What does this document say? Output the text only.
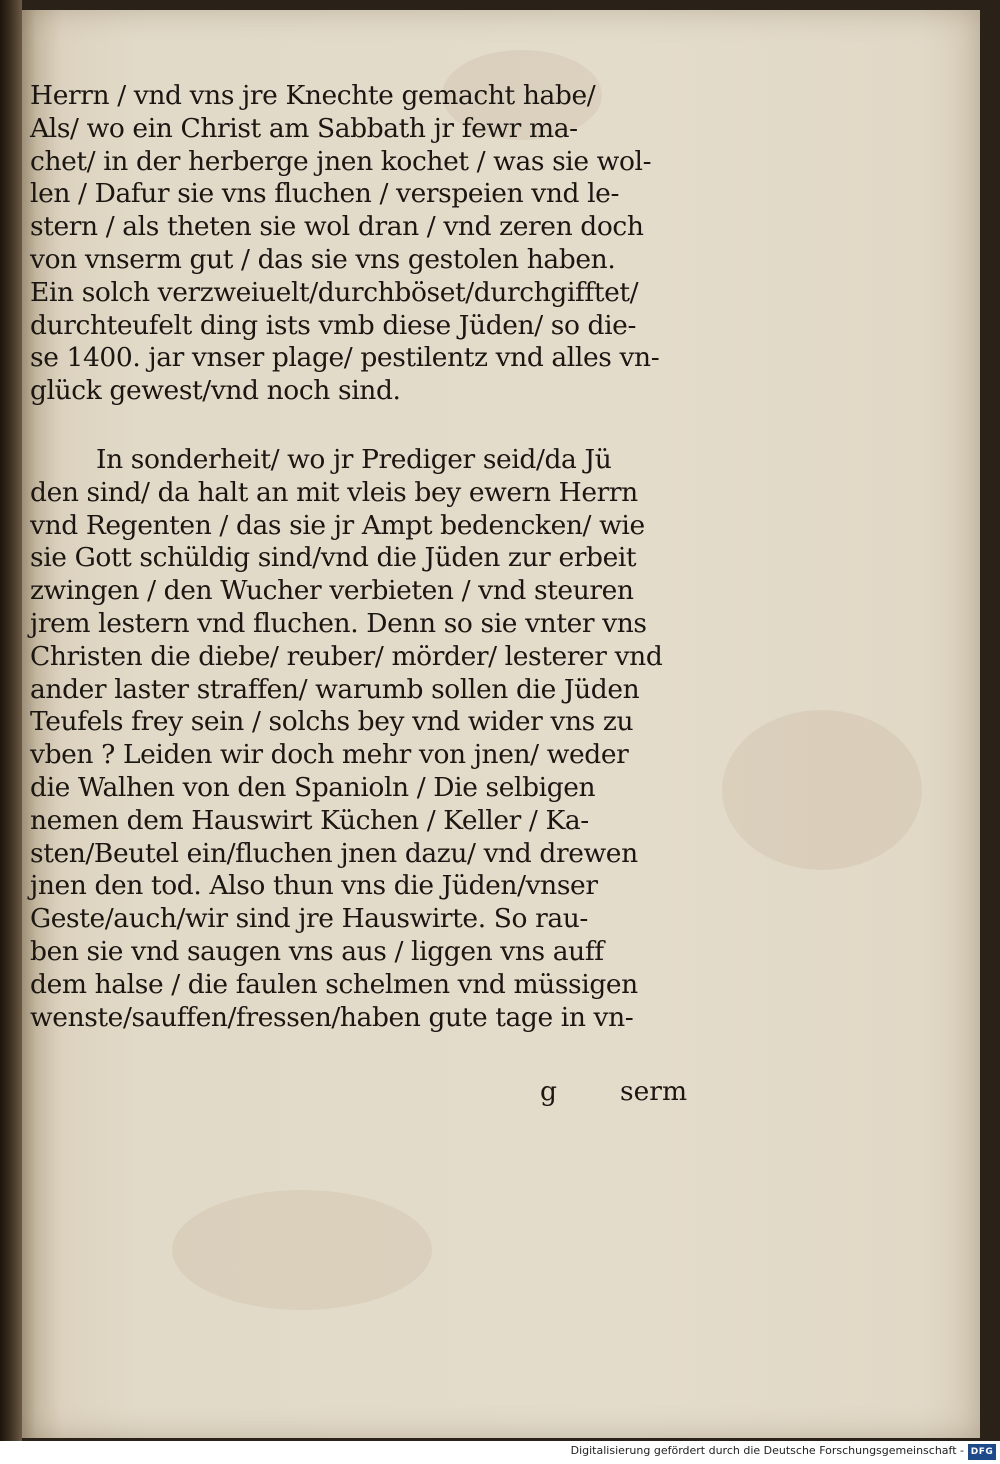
Herrn / vnd vns jre Knechte gemacht habe/
Als/ wo ein Christ am Sabbath jr fewr ma-
chet/ in der herberge jnen kochet / was sie wol-
len / Dafur sie vns fluchen / verspeien vnd le-
stern / als theten sie wol dran / vnd zeren doch
von vnserm gut / das sie vns gestolen haben.
Ein solch verzweiuelt/durchböset/durchgifftet/
durchteufelt ding ists vmb diese Jüden/ so die-
se 1400. jar vnser plage/ pestilentz vnd alles vn-
glück gewest/vnd noch sind.
In sonderheit/ wo jr Prediger seid/da Jü
den sind/ da halt an mit vleis bey ewern Herrn
vnd Regenten / das sie jr Ampt bedencken/ wie
sie Gott schüldig sind/vnd die Jüden zur erbeit
zwingen / den Wucher verbieten / vnd steuren
jrem lestern vnd fluchen. Denn so sie vnter vns
Christen die diebe/ reuber/ mörder/ lesterer vnd
ander laster straffen/ warumb sollen die Jüden
Teufels frey sein / solchs bey vnd wider vns zu
vben ? Leiden wir doch mehr von jnen/ weder
die Walhen von den Spanioln / Die selbigen
nemen dem Hauswirt Küchen / Keller / Ka-
sten/Beutel ein/fluchen jnen dazu/ vnd drewen
jnen den tod. Also thun vns die Jüden/vnser
Geste/auch/wir sind jre Hauswirte. So rau-
ben sie vnd saugen vns aus / liggen vns auff
dem halse / die faulen schelmen vnd müssigen
wenste/sauffen/fressen/haben gute tage in vn-
g serm
Digitalisierung gefördert durch die Deutsche Forschungsgemeinschaft - DFG
